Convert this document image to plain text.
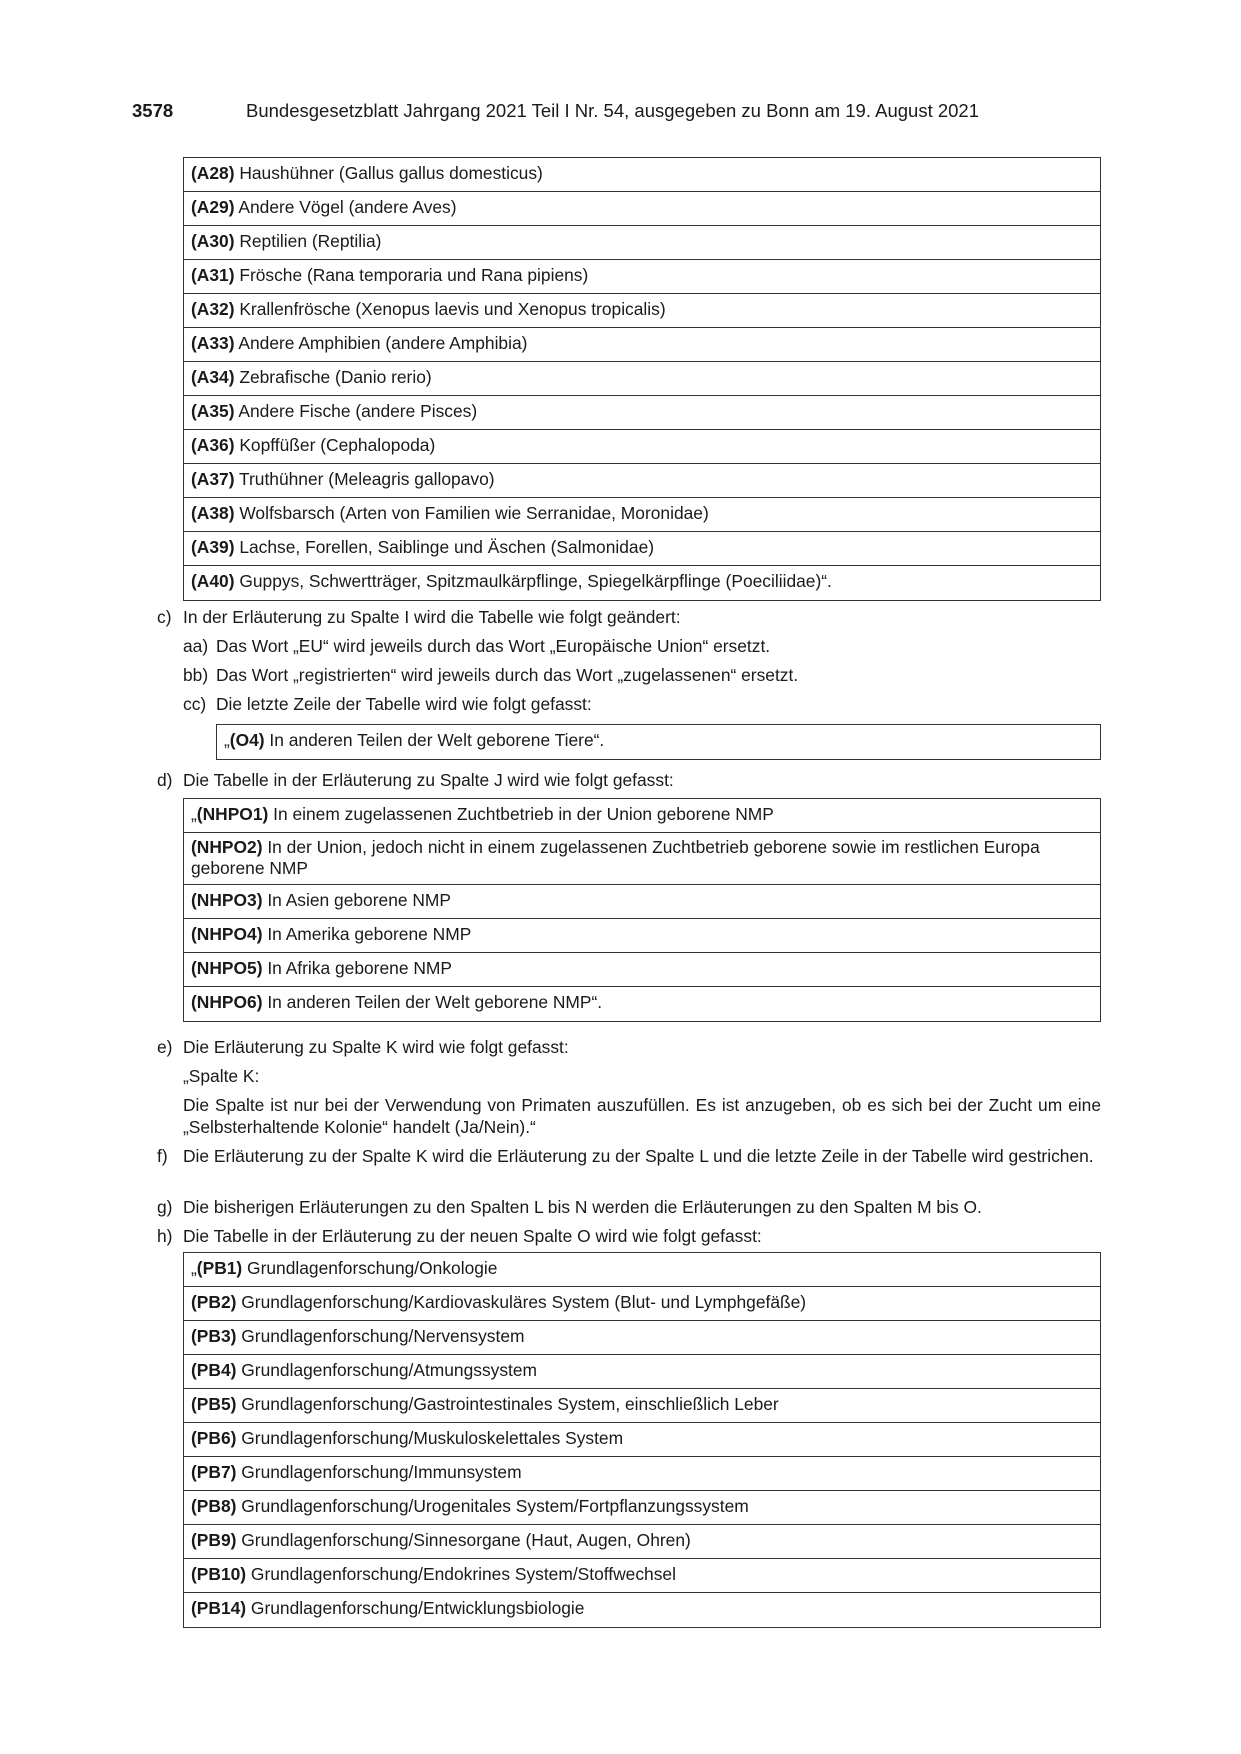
3578	Bundesgesetzblatt Jahrgang 2021 Teil I Nr. 54, ausgegeben zu Bonn am 19. August 2021
(A28) Haushühner (Gallus gallus domesticus)
(A29) Andere Vögel (andere Aves)
(A30) Reptilien (Reptilia)
(A31) Frösche (Rana temporaria und Rana pipiens)
(A32) Krallenfrösche (Xenopus laevis und Xenopus tropicalis)
(A33) Andere Amphibien (andere Amphibia)
(A34) Zebrafische (Danio rerio)
(A35) Andere Fische (andere Pisces)
(A36) Kopffüßer (Cephalopoda)
(A37) Truthühner (Meleagris gallopavo)
(A38) Wolfsbarsch (Arten von Familien wie Serranidae, Moronidae)
(A39) Lachse, Forellen, Saiblinge und Äschen (Salmonidae)
(A40) Guppys, Schwertträger, Spitzmaulkärpflinge, Spiegelkärpflinge (Poeciliidae)“.
c) In der Erläuterung zu Spalte I wird die Tabelle wie folgt geändert:
aa) Das Wort „EU“ wird jeweils durch das Wort „Europäische Union“ ersetzt.
bb) Das Wort „registrierten“ wird jeweils durch das Wort „zugelassenen“ ersetzt.
cc) Die letzte Zeile der Tabelle wird wie folgt gefasst:
„(O4) In anderen Teilen der Welt geborene Tiere“.
d) Die Tabelle in der Erläuterung zu Spalte J wird wie folgt gefasst:
„(NHPO1) In einem zugelassenen Zuchtbetrieb in der Union geborene NMP
(NHPO2) In der Union, jedoch nicht in einem zugelassenen Zuchtbetrieb geborene sowie im restlichen Europa geborene NMP
(NHPO3) In Asien geborene NMP
(NHPO4) In Amerika geborene NMP
(NHPO5) In Afrika geborene NMP
(NHPO6) In anderen Teilen der Welt geborene NMP“.
e) Die Erläuterung zu Spalte K wird wie folgt gefasst:
„Spalte K:
Die Spalte ist nur bei der Verwendung von Primaten auszufüllen. Es ist anzugeben, ob es sich bei der Zucht um eine „Selbsterhaltende Kolonie“ handelt (Ja/Nein).“
f) Die Erläuterung zu der Spalte K wird die Erläuterung zu der Spalte L und die letzte Zeile in der Tabelle wird gestrichen.
g) Die bisherigen Erläuterungen zu den Spalten L bis N werden die Erläuterungen zu den Spalten M bis O.
h) Die Tabelle in der Erläuterung zu der neuen Spalte O wird wie folgt gefasst:
„(PB1) Grundlagenforschung/Onkologie
(PB2) Grundlagenforschung/Kardiovaskuläres System (Blut- und Lymphgefäße)
(PB3) Grundlagenforschung/Nervensystem
(PB4) Grundlagenforschung/Atmungssystem
(PB5) Grundlagenforschung/Gastrointestinales System, einschließlich Leber
(PB6) Grundlagenforschung/Muskuloskelettales System
(PB7) Grundlagenforschung/Immunsystem
(PB8) Grundlagenforschung/Urogenitales System/Fortpflanzungssystem
(PB9) Grundlagenforschung/Sinnesorgane (Haut, Augen, Ohren)
(PB10) Grundlagenforschung/Endokrines System/Stoffwechsel
(PB14) Grundlagenforschung/Entwicklungsbiologie
